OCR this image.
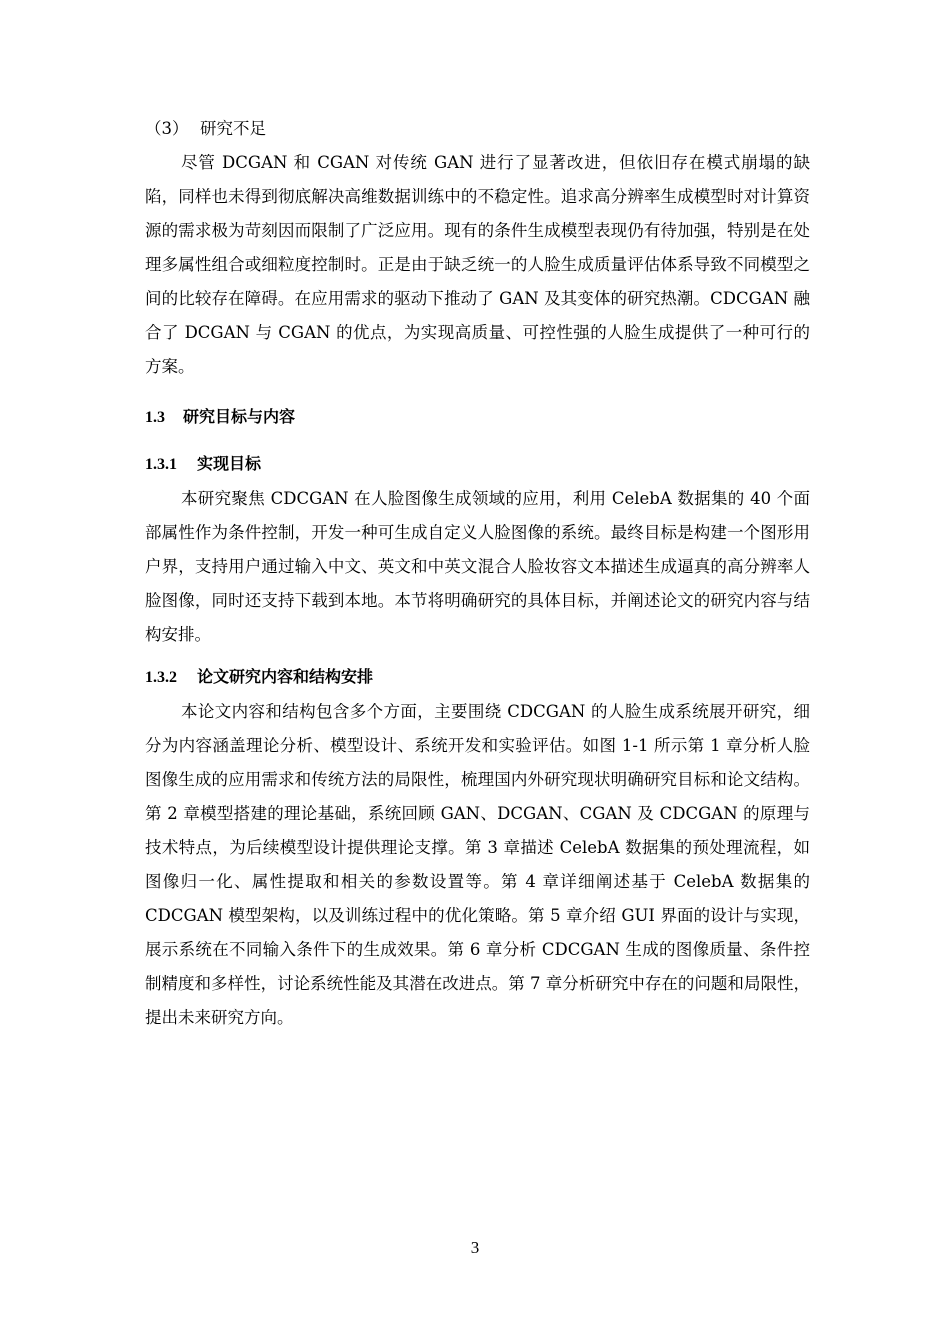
（3） 研究不足

尽管 DCGAN 和 CGAN 对传统 GAN 进行了显著改进，但依旧存在模式崩塌的缺陷，同样也未得到彻底解决高维数据训练中的不稳定性。追求高分辨率生成模型时对计算资源的需求极为苛刻因而限制了广泛应用。现有的条件生成模型表现仍有待加强，特别是在处理多属性组合或细粒度控制时。正是由于缺乏统一的人脸生成质量评估体系导致不同模型之间的比较存在障碍。在应用需求的驱动下推动了 GAN 及其变体的研究热潮。CDCGAN 融合了 DCGAN 与 CGAN 的优点，为实现高质量、可控性强的人脸生成提供了一种可行的方案。

1.3 研究目标与内容

1.3.1 实现目标

本研究聚焦 CDCGAN 在人脸图像生成领域的应用，利用 CelebA 数据集的 40 个面部属性作为条件控制，开发一种可生成自定义人脸图像的系统。最终目标是构建一个图形用户界，支持用户通过输入中文、英文和中英文混合人脸妆容文本描述生成逼真的高分辨率人脸图像，同时还支持下载到本地。本节将明确研究的具体目标，并阐述论文的研究内容与结构安排。

1.3.2 论文研究内容和结构安排

本论文内容和结构包含多个方面，主要围绕 CDCGAN 的人脸生成系统展开研究，细分为内容涵盖理论分析、模型设计、系统开发和实验评估。如图 1-1 所示第 1 章分析人脸图像生成的应用需求和传统方法的局限性，梳理国内外研究现状明确研究目标和论文结构。第 2 章模型搭建的理论基础，系统回顾 GAN、DCGAN、CGAN 及 CDCGAN 的原理与技术特点，为后续模型设计提供理论支撑。第 3 章描述 CelebA 数据集的预处理流程，如图像归一化、属性提取和相关的参数设置等。第 4 章详细阐述基于 CelebA 数据集的 CDCGAN 模型架构，以及训练过程中的优化策略。第 5 章介绍 GUI 界面的设计与实现，展示系统在不同输入条件下的生成效果。第 6 章分析 CDCGAN 生成的图像质量、条件控制精度和多样性，讨论系统性能及其潜在改进点。第 7 章分析研究中存在的问题和局限性，提出未来研究方向。

3
